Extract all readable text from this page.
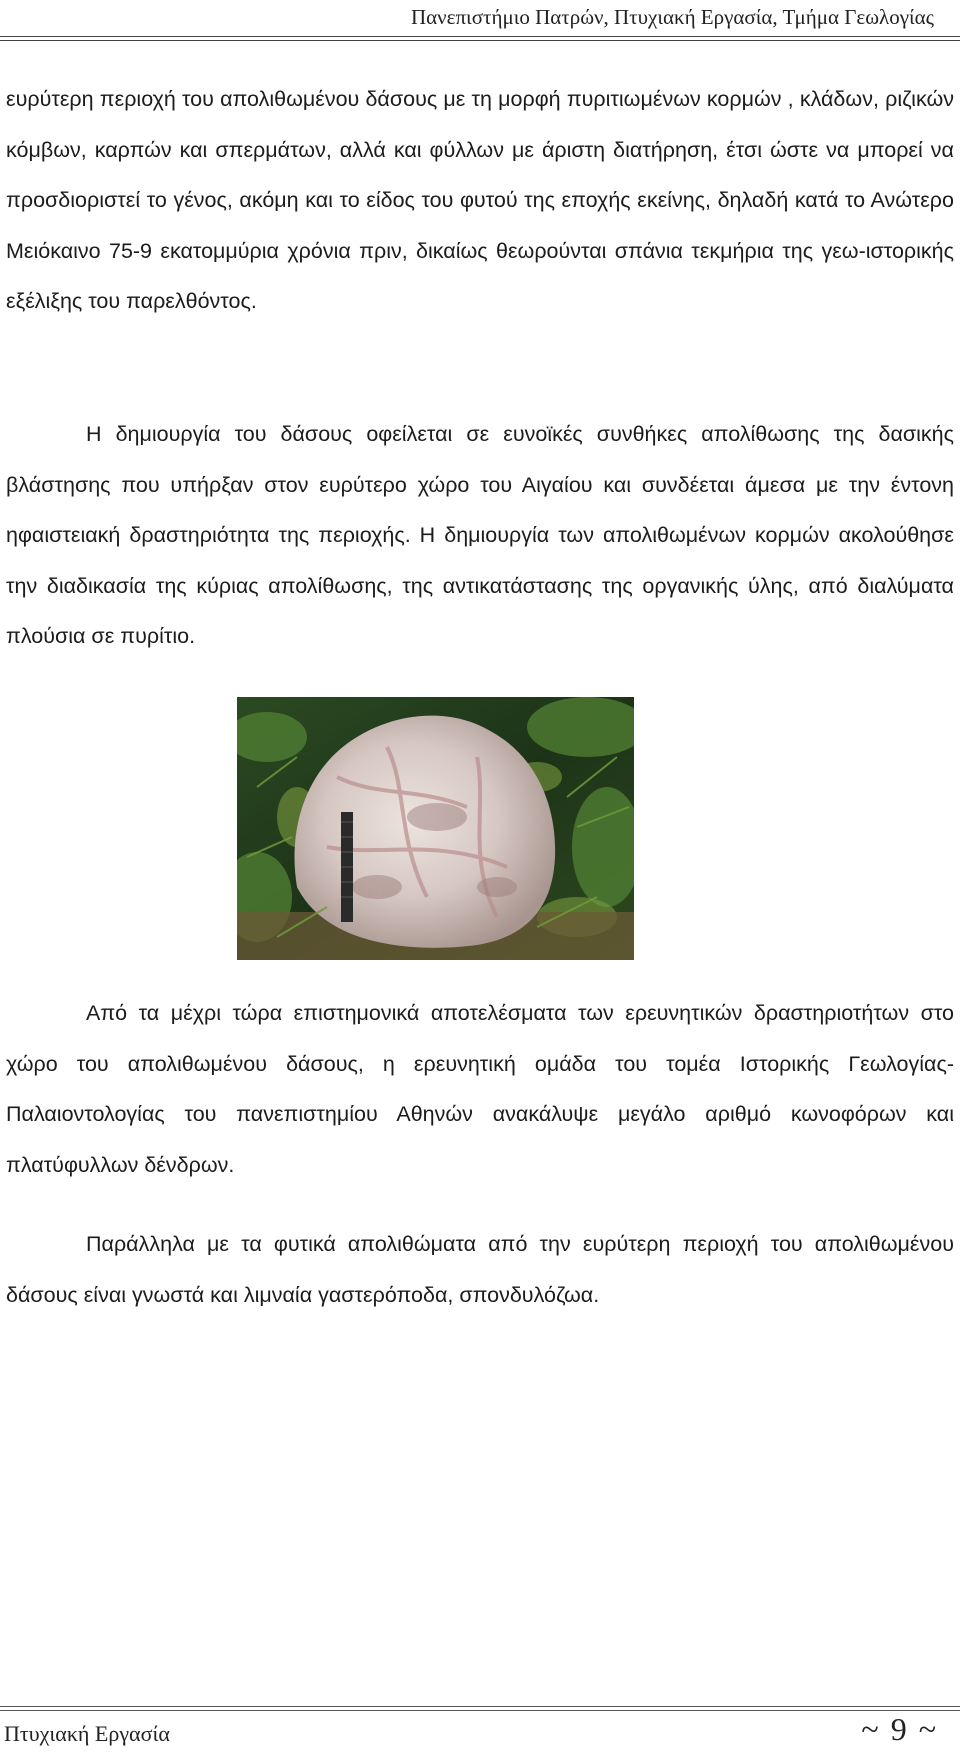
Πανεπιστήμιο Πατρών, Πτυχιακή Εργασία, Τμήμα Γεωλογίας

ευρύτερη περιοχή του απολιθωμένου δάσους με τη μορφή πυριτιωμένων κορμών , κλάδων, ριζικών κόμβων, καρπών και σπερμάτων, αλλά και φύλλων με άριστη διατήρηση, έτσι ώστε να μπορεί να προσδιοριστεί το γένος, ακόμη και το είδος του φυτού της εποχής εκείνης, δηλαδή κατά το Ανώτερο Μειόκαινο 75-9 εκατομμύρια χρόνια πριν, δικαίως θεωρούνται σπάνια τεκμήρια της γεω-ιστορικής εξέλιξης του παρελθόντος.

Η δημιουργία του δάσους οφείλεται σε ευνοϊκές συνθήκες απολίθωσης της δασικής βλάστησης που υπήρξαν στον ευρύτερο χώρο του Αιγαίου και συνδέεται άμεσα με την έντονη ηφαιστειακή δραστηριότητα της περιοχής. Η δημιουργία των απολιθωμένων κορμών ακολούθησε την διαδικασία της κύριας απολίθωσης, της αντικατάστασης της οργανικής ύλης, από διαλύματα πλούσια σε πυρίτιο.

Από τα μέχρι τώρα επιστημονικά αποτελέσματα των ερευνητικών δραστηριοτήτων στο χώρο του απολιθωμένου δάσους, η ερευνητική ομάδα του τομέα Ιστορικής Γεωλογίας-Παλαιοντολογίας του πανεπιστημίου Αθηνών ανακάλυψε μεγάλο αριθμό κωνοφόρων και πλατύφυλλων δένδρων.

Παράλληλα με τα φυτικά απολιθώματα από την ευρύτερη περιοχή του απολιθωμένου δάσους είναι γνωστά και λιμναία γαστερόποδα, σπονδυλόζωα.

Πτυχιακή Εργασία	~ 9 ~
